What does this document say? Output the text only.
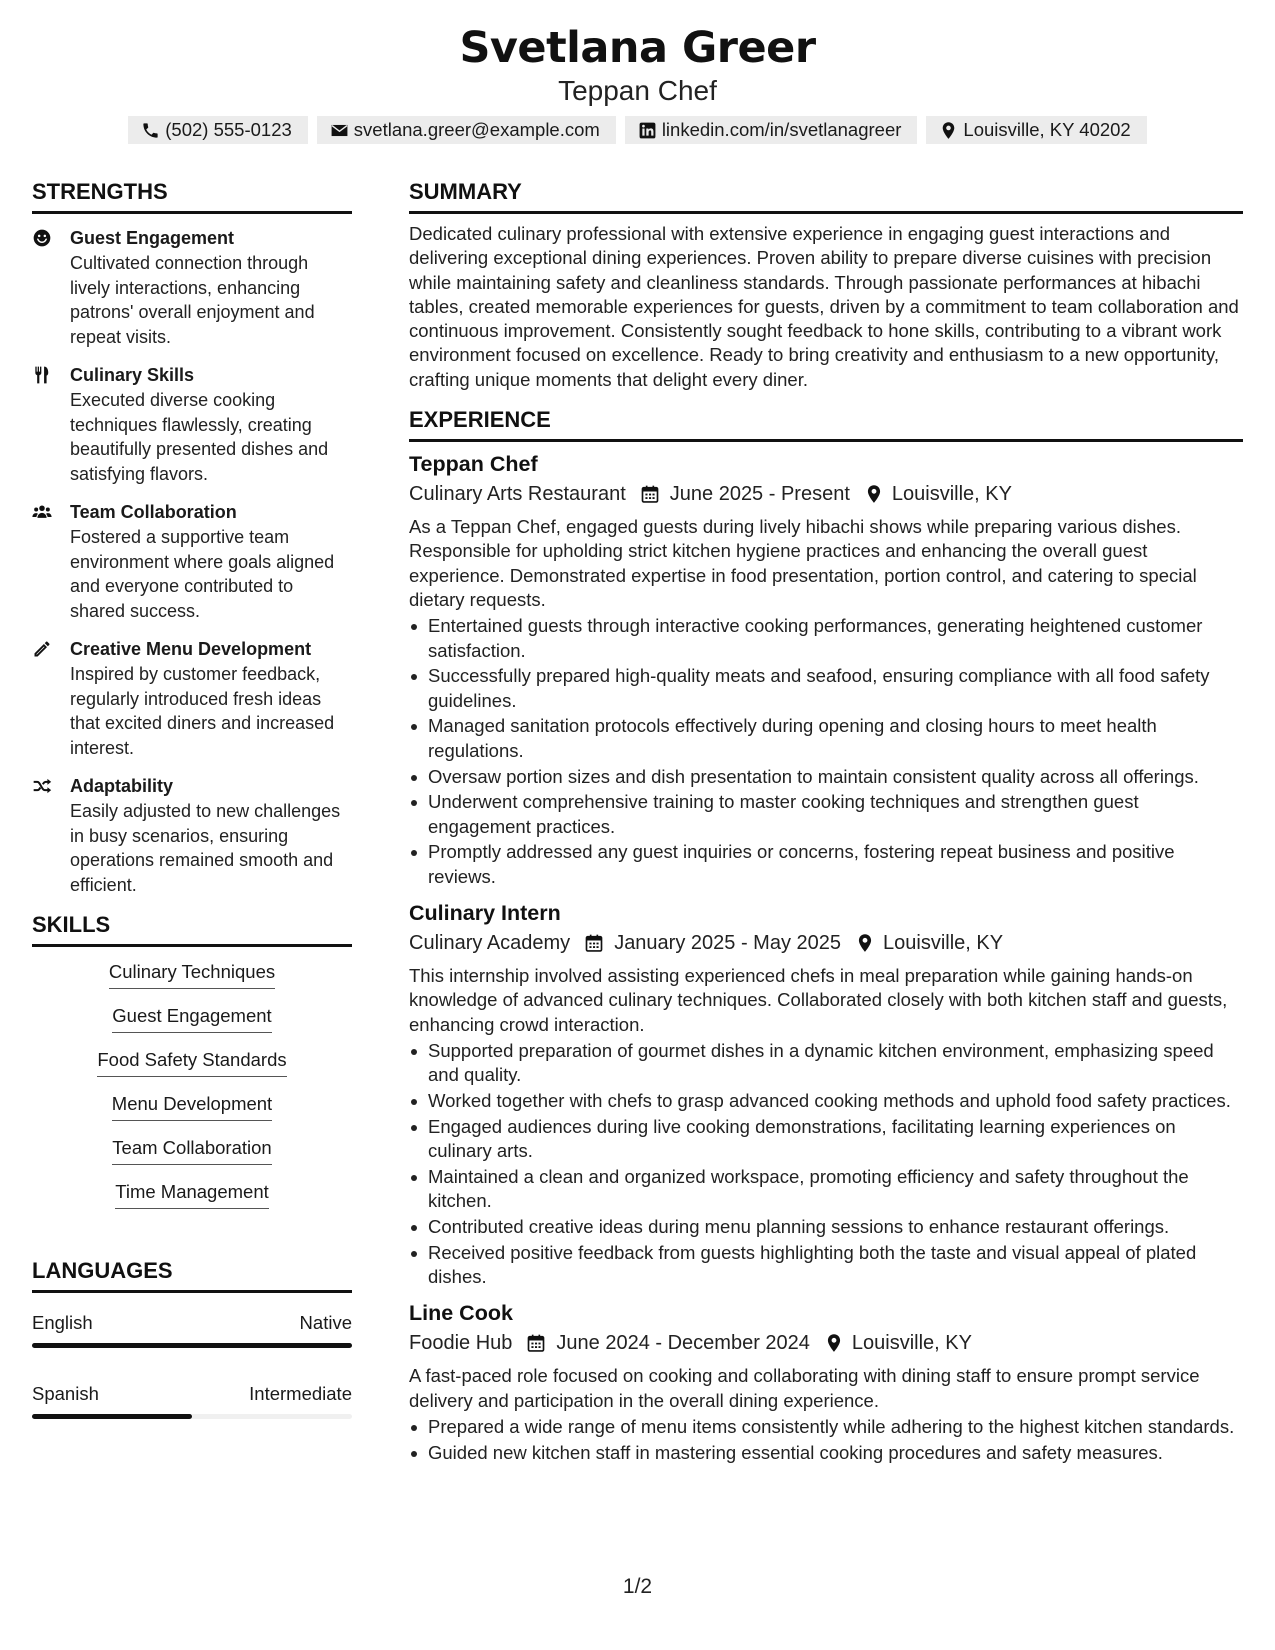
Svetlana Greer
Teppan Chef
(502) 555-0123	svetlana.greer@example.com	linkedin.com/in/svetlanagreer	Louisville, KY 40202
STRENGTHS
Guest Engagement
Cultivated connection through lively interactions, enhancing patrons' overall enjoyment and repeat visits.
Culinary Skills
Executed diverse cooking techniques flawlessly, creating beautifully presented dishes and satisfying flavors.
Team Collaboration
Fostered a supportive team environment where goals aligned and everyone contributed to shared success.
Creative Menu Development
Inspired by customer feedback, regularly introduced fresh ideas that excited diners and increased interest.
Adaptability
Easily adjusted to new challenges in busy scenarios, ensuring operations remained smooth and efficient.
SKILLS
Culinary Techniques
Guest Engagement
Food Safety Standards
Menu Development
Team Collaboration
Time Management
LANGUAGES
English	Native
Spanish	Intermediate
SUMMARY
Dedicated culinary professional with extensive experience in engaging guest interactions and delivering exceptional dining experiences. Proven ability to prepare diverse cuisines with precision while maintaining safety and cleanliness standards. Through passionate performances at hibachi tables, created memorable experiences for guests, driven by a commitment to team collaboration and continuous improvement. Consistently sought feedback to hone skills, contributing to a vibrant work environment focused on excellence. Ready to bring creativity and enthusiasm to a new opportunity, crafting unique moments that delight every diner.
EXPERIENCE
Teppan Chef
Culinary Arts Restaurant June 2025 - Present Louisville, KY
As a Teppan Chef, engaged guests during lively hibachi shows while preparing various dishes. Responsible for upholding strict kitchen hygiene practices and enhancing the overall guest experience. Demonstrated expertise in food presentation, portion control, and catering to special dietary requests.
Entertained guests through interactive cooking performances, generating heightened customer satisfaction.
Successfully prepared high-quality meats and seafood, ensuring compliance with all food safety guidelines.
Managed sanitation protocols effectively during opening and closing hours to meet health regulations.
Oversaw portion sizes and dish presentation to maintain consistent quality across all offerings.
Underwent comprehensive training to master cooking techniques and strengthen guest engagement practices.
Promptly addressed any guest inquiries or concerns, fostering repeat business and positive reviews.
Culinary Intern
Culinary Academy January 2025 - May 2025 Louisville, KY
This internship involved assisting experienced chefs in meal preparation while gaining hands-on knowledge of advanced culinary techniques. Collaborated closely with both kitchen staff and guests, enhancing crowd interaction.
Supported preparation of gourmet dishes in a dynamic kitchen environment, emphasizing speed and quality.
Worked together with chefs to grasp advanced cooking methods and uphold food safety practices.
Engaged audiences during live cooking demonstrations, facilitating learning experiences on culinary arts.
Maintained a clean and organized workspace, promoting efficiency and safety throughout the kitchen.
Contributed creative ideas during menu planning sessions to enhance restaurant offerings.
Received positive feedback from guests highlighting both the taste and visual appeal of plated dishes.
Line Cook
Foodie Hub June 2024 - December 2024 Louisville, KY
A fast-paced role focused on cooking and collaborating with dining staff to ensure prompt service delivery and participation in the overall dining experience.
Prepared a wide range of menu items consistently while adhering to the highest kitchen standards.
Guided new kitchen staff in mastering essential cooking procedures and safety measures.
1/2
